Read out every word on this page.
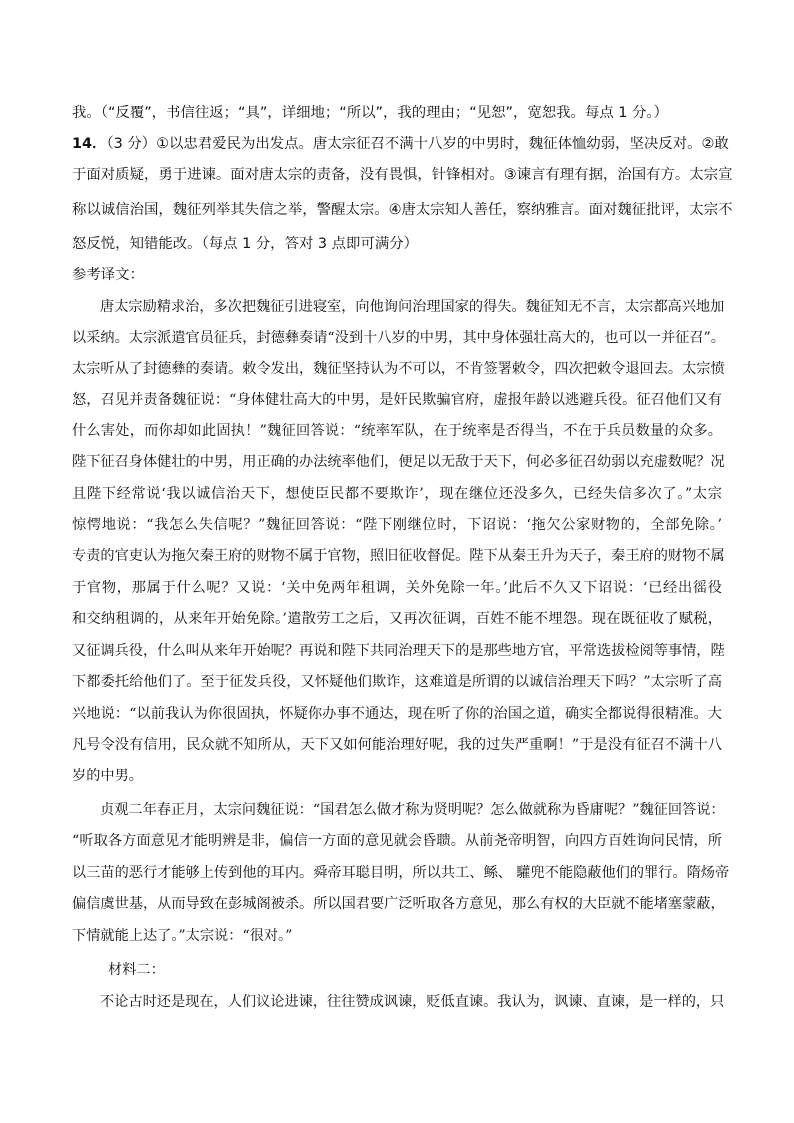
我。（“反覆”，书信往返；“具”，详细地；“所以”，我的理由；“见恕”，宽恕我。每点 1 分。）
14．（3 分）①以忠君爱民为出发点。唐太宗征召不满十八岁的中男时，魏征体恤幼弱，坚决反对。②敢
于面对质疑，勇于进谏。面对唐太宗的责备，没有畏惧，针锋相对。③谏言有理有据，治国有方。太宗宣
称以诚信治国，魏征列举其失信之举，警醒太宗。④唐太宗知人善任，察纳雅言。面对魏征批评，太宗不
怒反悦，知错能改。（每点 1 分，答对 3 点即可满分）
参考译文：
唐太宗励精求治，多次把魏征引进寝室，向他询问治理国家的得失。魏征知无不言，太宗都高兴地加
以采纳。太宗派遣官员征兵，封德彝奏请“没到十八岁的中男，其中身体强壮高大的，也可以一并征召”。
太宗听从了封德彝的奏请。敕令发出，魏征坚持认为不可以，不肯签署敕令，四次把敕令退回去。太宗愤
怒，召见并责备魏征说：“身体健壮高大的中男，是奸民欺骗官府，虚报年龄以逃避兵役。征召他们又有
什么害处，而你却如此固执！”魏征回答说：“统率军队，在于统率是否得当，不在于兵员数量的众多。
陛下征召身体健壮的中男，用正确的办法统率他们，便足以无敌于天下，何必多征召幼弱以充虚数呢？况
且陛下经常说‘我以诚信治天下，想使臣民都不要欺诈’，现在继位还没多久，已经失信多次了。”太宗
惊愕地说：“我怎么失信呢？”魏征回答说：“陛下刚继位时，下诏说：‘拖欠公家财物的，全部免除。’
专责的官吏认为拖欠秦王府的财物不属于官物，照旧征收督促。陛下从秦王升为天子，秦王府的财物不属
于官物，那属于什么呢？又说：‘关中免两年租调，关外免除一年。’此后不久又下诏说：‘已经出徭役
和交纳租调的，从来年开始免除。’遣散劳工之后，又再次征调，百姓不能不埋怨。现在既征收了赋税，
又征调兵役，什么叫从来年开始呢？再说和陛下共同治理天下的是那些地方官，平常选拔检阅等事情，陛
下都委托给他们了。至于征发兵役，又怀疑他们欺诈，这难道是所谓的以诚信治理天下吗？”太宗听了高
兴地说：“以前我认为你很固执，怀疑你办事不通达，现在听了你的治国之道，确实全都说得很精准。大
凡号令没有信用，民众就不知所从，天下又如何能治理好呢，我的过失严重啊！”于是没有征召不满十八
岁的中男。
贞观二年春正月，太宗问魏征说：“国君怎么做才称为贤明呢？怎么做就称为昏庸呢？”魏征回答说：
“听取各方面意见才能明辨是非，偏信一方面的意见就会昏聩。从前尧帝明智，向四方百姓询问民情，所
以三苗的恶行才能够上传到他的耳内。舜帝耳聪目明，所以共工、鲧、 驩兜不能隐蔽他们的罪行。隋炀帝
偏信虞世基，从而导致在彭城阁被杀。所以国君要广泛听取各方意见，那么有权的大臣就不能堵塞蒙蔽，
下情就能上达了。”太宗说：“很对。”
材料二：
不论古时还是现在，人们议论进谏，往往赞成讽谏，贬低直谏。我认为，讽谏、直谏，是一样的，只
